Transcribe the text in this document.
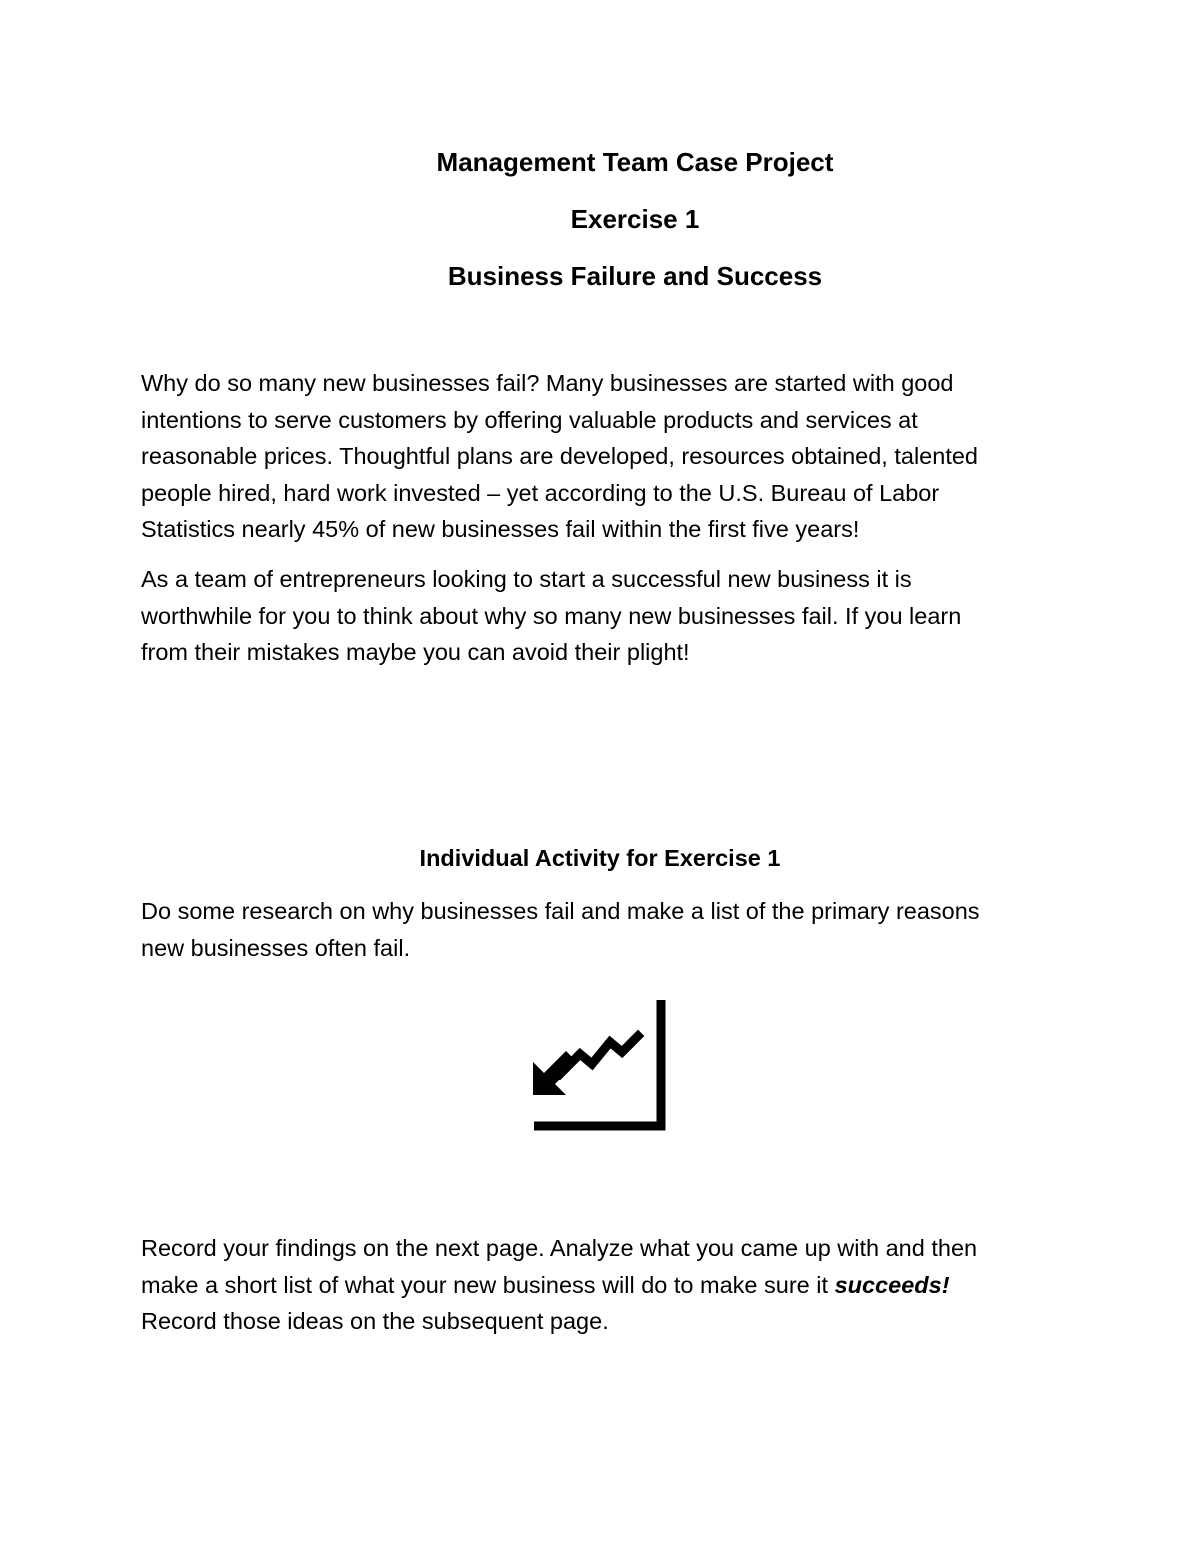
Management Team Case Project
Exercise 1
Business Failure and Success
Why do so many new businesses fail? Many businesses are started with good
intentions to serve customers by offering valuable products and services at
reasonable prices. Thoughtful plans are developed, resources obtained, talented
people hired, hard work invested – yet according to the U.S. Bureau of Labor
Statistics nearly 45% of new businesses fail within the first five years!
As a team of entrepreneurs looking to start a successful new business it is
worthwhile for you to think about why so many new businesses fail. If you learn
from their mistakes maybe you can avoid their plight!
Individual Activity for Exercise 1
Do some research on why businesses fail and make a list of the primary reasons
new businesses often fail.
Record your findings on the next page. Analyze what you came up with and then
make a short list of what your new business will do to make sure it succeeds!
Record those ideas on the subsequent page.
